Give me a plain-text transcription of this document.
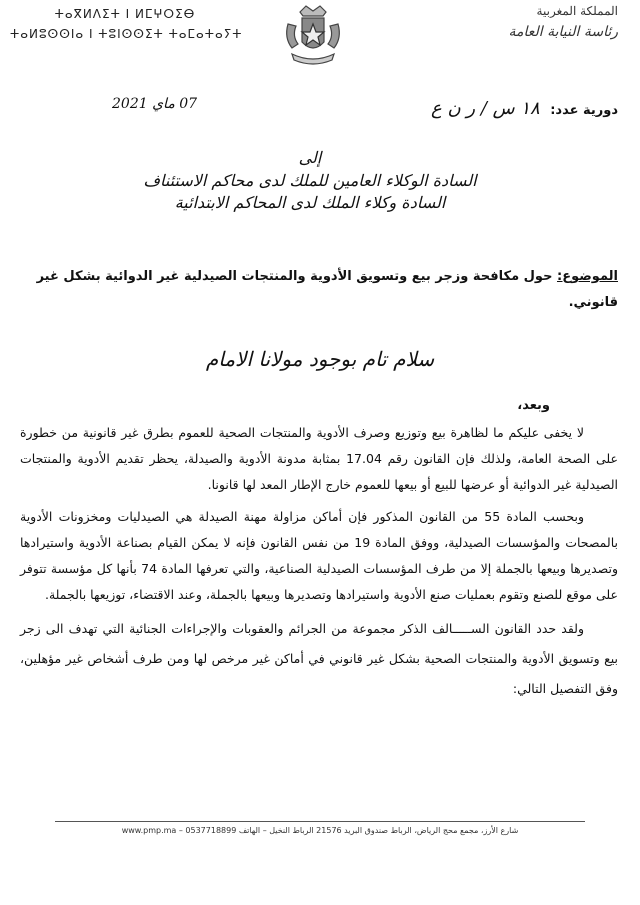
ⵜⴰⴳⵍⴷⵉⵜ ⵏ ⵍⵎⵖⵔⵉⴱ
ⵜⴰⵍⵓⵙⵙⵏⴰ ⵏ ⵜⵓⵏⵙⵙⵉⵜ ⵜⴰⵎⴰⵜⴰⵢⵜ
المملكة المغربية
رئاسة النيابة العامة
07 ماي 2021	دورية عدد: ١٨ س / ر ن ع
إلى
السادة الوكلاء العامين للملك لدى محاكم الاستئناف
السادة وكلاء الملك لدى المحاكم الابتدائية
الموضوع: حول مكافحة وزجر بيع وتسويق الأدوية والمنتجات الصيدلية غير الدوائية بشكل غير قانوني.
سلام تام بوجود مولانا الامام
وبعد،

لا يخفى عليكم ما لظاهرة بيع وتوزيع وصرف الأدوية والمنتجات الصحية للعموم بطرق غير قانونية من خطورة على الصحة العامة، ولذلك فإن القانون رقم 17.04 بمثابة مدونة الأدوية والصيدلة، يحظر تقديم الأدوية والمنتجات الصيدلية غير الدوائية أو عرضها للبيع أو بيعها للعموم خارج الإطار المعد لها قانونا.

وبحسب المادة 55 من القانون المذكور فإن أماكن مزاولة مهنة الصيدلة هي الصيدليات ومخزونات الأدوية بالمصحات والمؤسسات الصيدلية، ووفق المادة 19 من نفس القانون فإنه لا يمكن القيام بصناعة الأدوية واستيرادها وتصديرها وبيعها بالجملة إلا من طرف المؤسسات الصيدلية الصناعية، والتي تعرفها المادة 74 بأنها كل مؤسسة تتوفر على موقع للصنع وتقوم بعمليات صنع الأدوية واستيرادها وتصديرها وبيعها بالجملة، وعند الاقتضاء، توزيعها بالجملة.

ولقد حدد القانون الســـــالف الذكر مجموعة من الجرائم والعقوبات والإجراءات الجنائية التي تهدف الى زجر بيع وتسويق الأدوية والمنتجات الصحية بشكل غير قانوني في أماكن غير مرخص لها ومن طرف أشخاص غير مؤهلين، وفق التفصيل التالي:

شارع الأرز، مجمع محج الرياض، الرباط صندوق البريد 21576 الرباط النخيل – الهاتف 0537718899 – www.pmp.ma
